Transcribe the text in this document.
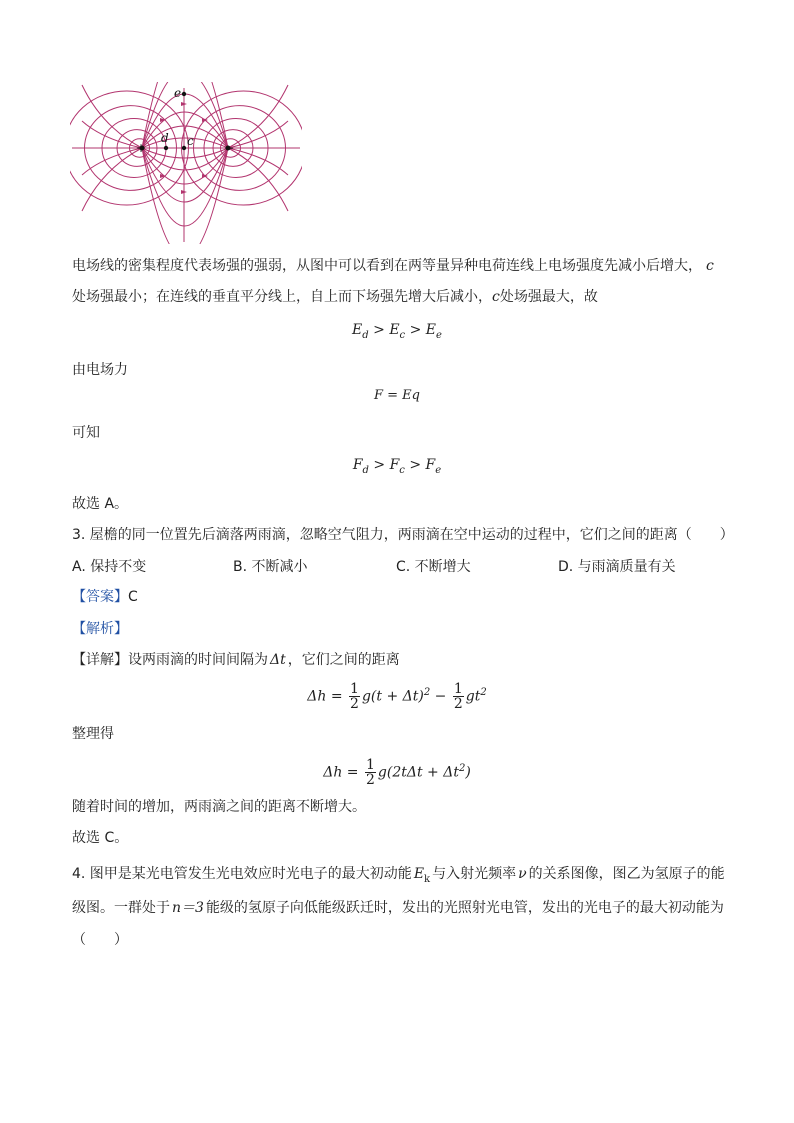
e
d c
+	−
电场线的密集程度代表场强的强弱，从图中可以看到在两等量异种电荷连线上电场强度先减小后增大， c
处场强最小；在连线的垂直平分线上，自上而下场强先增大后减小，c处场强最大，故
$E_d > E_c > E_e$
由电场力
F = Eq
可知
$F_d > F_c > F_e$
故选 A。
3. 屋檐的同一位置先后滴落两雨滴，忽略空气阻力，两雨滴在空中运动的过程中，它们之间的距离（　　）
A. 保持不变	B. 不断减小	C. 不断增大	D. 与雨滴质量有关
【答案】C
【解析】
【详解】设两雨滴的时间间隔为 Δt ，它们之间的距离
$\Delta h = \frac{1}{2} g(t + \Delta t)^2 - \frac{1}{2} gt^2$
整理得
$\Delta h = \frac{1}{2} g(2t\Delta t + \Delta t^2)$
随着时间的增加，两雨滴之间的距离不断增大。
故选 C。
4. 图甲是某光电管发生光电效应时光电子的最大初动能 $E_k$ 与入射光频率 ν 的关系图像，图乙为氢原子的能
级图。一群处于 n＝3 能级的氢原子向低能级跃迁时，发出的光照射光电管，发出的光电子的最大初动能为
（　　）
